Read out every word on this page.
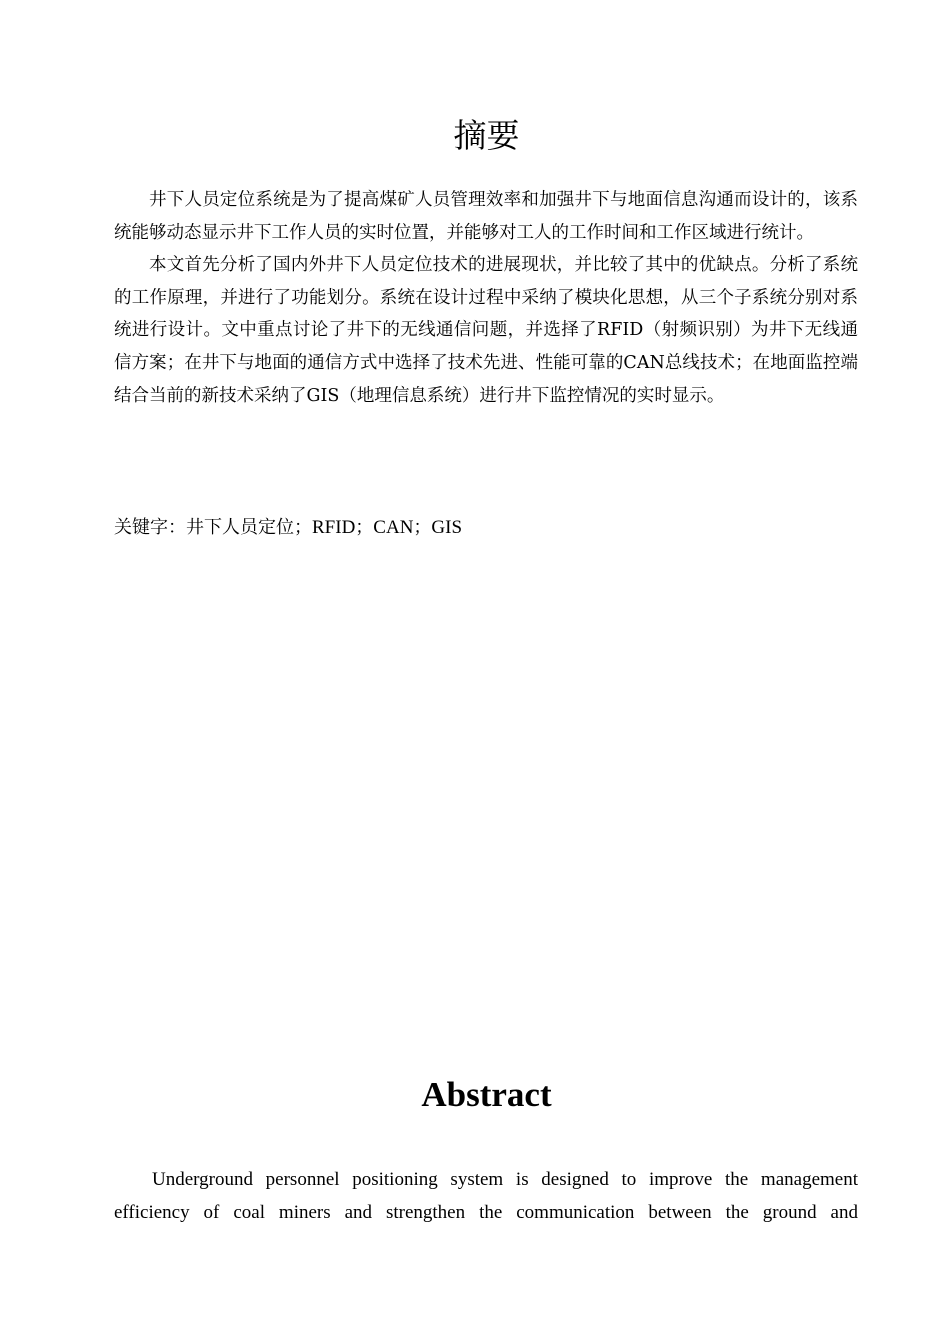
摘要

井下人员定位系统是为了提高煤矿人员管理效率和加强井下与地面信息沟通而设计的，该系统能够动态显示井下工作人员的实时位置，并能够对工人的工作时间和工作区域进行统计。

本文首先分析了国内外井下人员定位技术的进展现状，并比较了其中的优缺点。分析了系统的工作原理，并进行了功能划分。系统在设计过程中采纳了模块化思想，从三个子系统分别对系统进行设计。文中重点讨论了井下的无线通信问题，并选择了RFID（射频识别）为井下无线通信方案；在井下与地面的通信方式中选择了技术先进、性能可靠的CAN总线技术；在地面监控端结合当前的新技术采纳了GIS（地理信息系统）进行井下监控情况的实时显示。

关键字：井下人员定位；RFID；CAN；GIS
Abstract

Underground personnel positioning system is designed to improve the management efficiency of coal miners and strengthen the communication between the ground and
